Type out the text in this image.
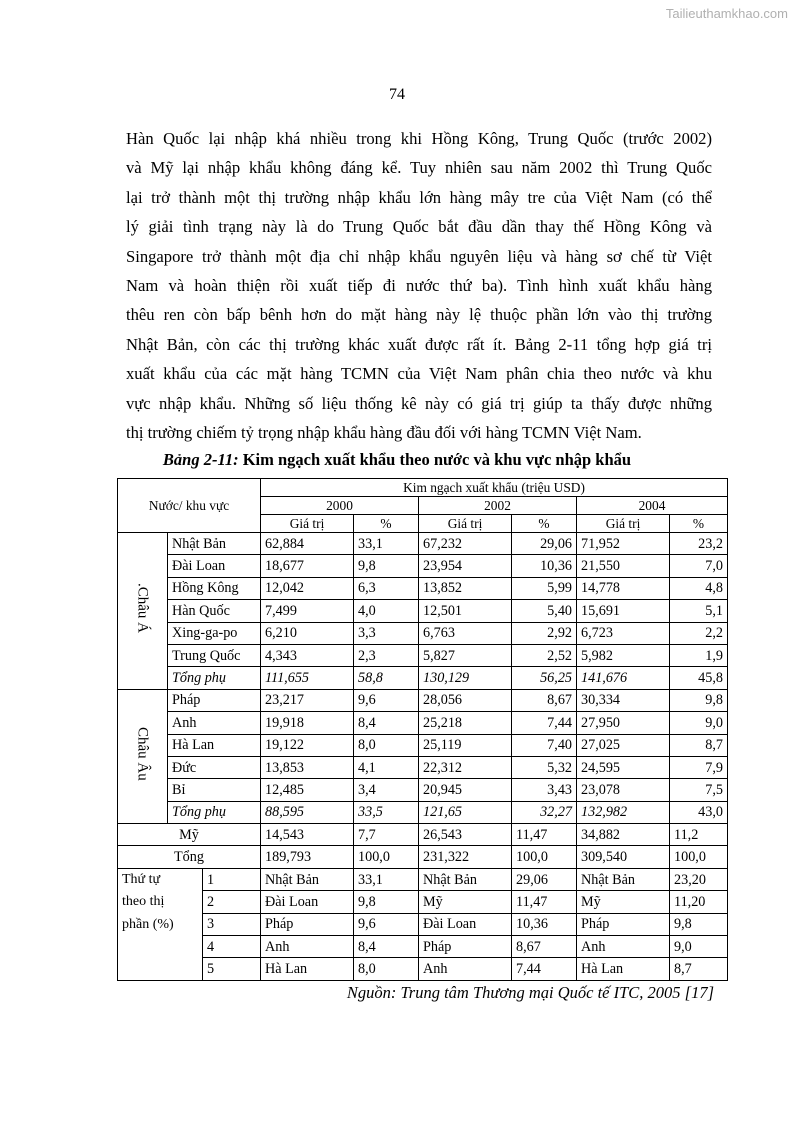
Tailieuthamkhao.com
74

Hàn Quốc lại nhập khá nhiều trong khi Hồng Kông, Trung Quốc (trước 2002)
và Mỹ lại nhập khẩu không đáng kể. Tuy nhiên sau năm 2002 thì Trung Quốc
lại trở thành một thị trường nhập khẩu lớn hàng mây tre của Việt Nam (có thể
lý giải tình trạng này là do Trung Quốc bắt đầu dần thay thế Hồng Kông và
Singapore trở thành một địa chỉ nhập khẩu nguyên liệu và hàng sơ chế từ Việt
Nam và hoàn thiện rồi xuất tiếp đi nước thứ ba). Tình hình xuất khẩu hàng
thêu ren còn bấp bênh hơn do mặt hàng này lệ thuộc phần lớn vào thị trường
Nhật Bản, còn các thị trường khác xuất được rất ít. Bảng 2-11 tổng hợp giá trị
xuất khẩu của các mặt hàng TCMN của Việt Nam phân chia theo nước và khu
vực nhập khẩu. Những số liệu thống kê này có giá trị giúp ta thấy được những
thị trường chiếm tỷ trọng nhập khẩu hàng đầu đối với hàng TCMN Việt Nam.

Bảng 2-11: Kim ngạch xuất khẩu theo nước và khu vực nhập khẩu
Nước/ khu vực			Kim ngạch xuất khẩu (triệu USD)					
			2000		2002		2004	
			Giá trị	%	Giá trị	%	Giá trị	%
.Châu Á	Nhật Bản		62,884	33,1	67,232	29,06	71,952	23,2
	Đài Loan		18,677	9,8	23,954	10,36	21,550	7,0
	Hồng Kông		12,042	6,3	13,852	5,99	14,778	4,8
	Hàn Quốc		7,499	4,0	12,501	5,40	15,691	5,1
	Xing-ga-po		6,210	3,3	6,763	2,92	6,723	2,2
	Trung Quốc		4,343	2,3	5,827	2,52	5,982	1,9
	Tổng phụ		111,655	58,8	130,129	56,25	141,676	45,8
Châu Âu	Pháp		23,217	9,6	28,056	8,67	30,334	9,8
	Anh		19,918	8,4	25,218	7,44	27,950	9,0
	Hà Lan		19,122	8,0	25,119	7,40	27,025	8,7
	Đức		13,853	4,1	22,312	5,32	24,595	7,9
	Bỉ		12,485	3,4	20,945	3,43	23,078	7,5
	Tổng phụ		88,595	33,5	121,65	32,27	132,982	43,0
Mỹ			14,543	7,7	26,543	11,47	34,882	11,2
Tổng			189,793	100,0	231,322	100,0	309,540	100,0
Thứ tự
theo thị
phần (%)		1	Nhật Bản	33,1	Nhật Bản	29,06	Nhật Bản	23,20
		2	Đài Loan	9,8	Mỹ	11,47	Mỹ	11,20
		3	Pháp	9,6	Đài Loan	10,36	Pháp	9,8
		4	Anh	8,4	Pháp	8,67	Anh	9,0
		5	Hà Lan	8,0	Anh	7,44	Hà Lan	8,7
Nguồn: Trung tâm Thương mại Quốc tế ITC, 2005 [17]
